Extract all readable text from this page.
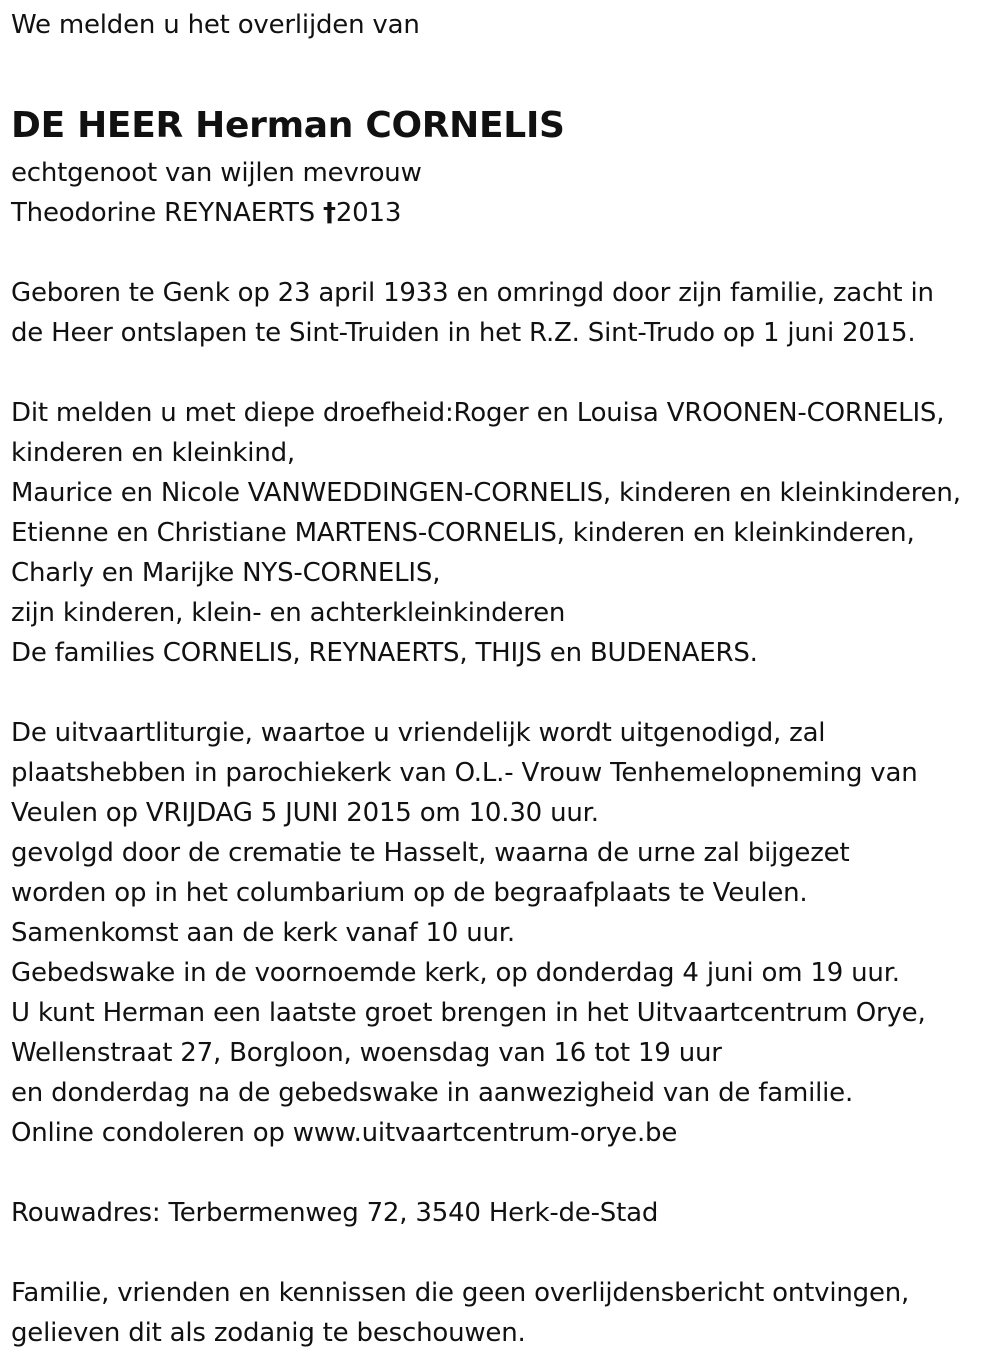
We melden u het overlijden van
DE HEER Herman CORNELIS
echtgenoot van wijlen mevrouw
Theodorine REYNAERTS †2013
Geboren te Genk op 23 april 1933 en omringd door zijn familie, zacht in
de Heer ontslapen te Sint-Truiden in het R.Z. Sint-Trudo op 1 juni 2015.
Dit melden u met diepe droefheid:Roger en Louisa VROONEN-CORNELIS,
kinderen en kleinkind,
Maurice en Nicole VANWEDDINGEN-CORNELIS, kinderen en kleinkinderen,
Etienne en Christiane MARTENS-CORNELIS, kinderen en kleinkinderen,
Charly en Marijke NYS-CORNELIS,
zijn kinderen, klein- en achterkleinkinderen
De families CORNELIS, REYNAERTS, THIJS en BUDENAERS.
De uitvaartliturgie, waartoe u vriendelijk wordt uitgenodigd, zal
plaatshebben in parochiekerk van O.L.- Vrouw Tenhemelopneming van
Veulen op VRIJDAG 5 JUNI 2015 om 10.30 uur.
gevolgd door de crematie te Hasselt, waarna de urne zal bijgezet
worden op in het columbarium op de begraafplaats te Veulen.
Samenkomst aan de kerk vanaf 10 uur.
Gebedswake in de voornoemde kerk, op donderdag 4 juni om 19 uur.
U kunt Herman een laatste groet brengen in het Uitvaartcentrum Orye,
Wellenstraat 27, Borgloon, woensdag van 16 tot 19 uur
en donderdag na de gebedswake in aanwezigheid van de familie.
Online condoleren op www.uitvaartcentrum-orye.be
Rouwadres: Terbermenweg 72, 3540 Herk-de-Stad
Familie, vrienden en kennissen die geen overlijdensbericht ontvingen,
gelieven dit als zodanig te beschouwen.
